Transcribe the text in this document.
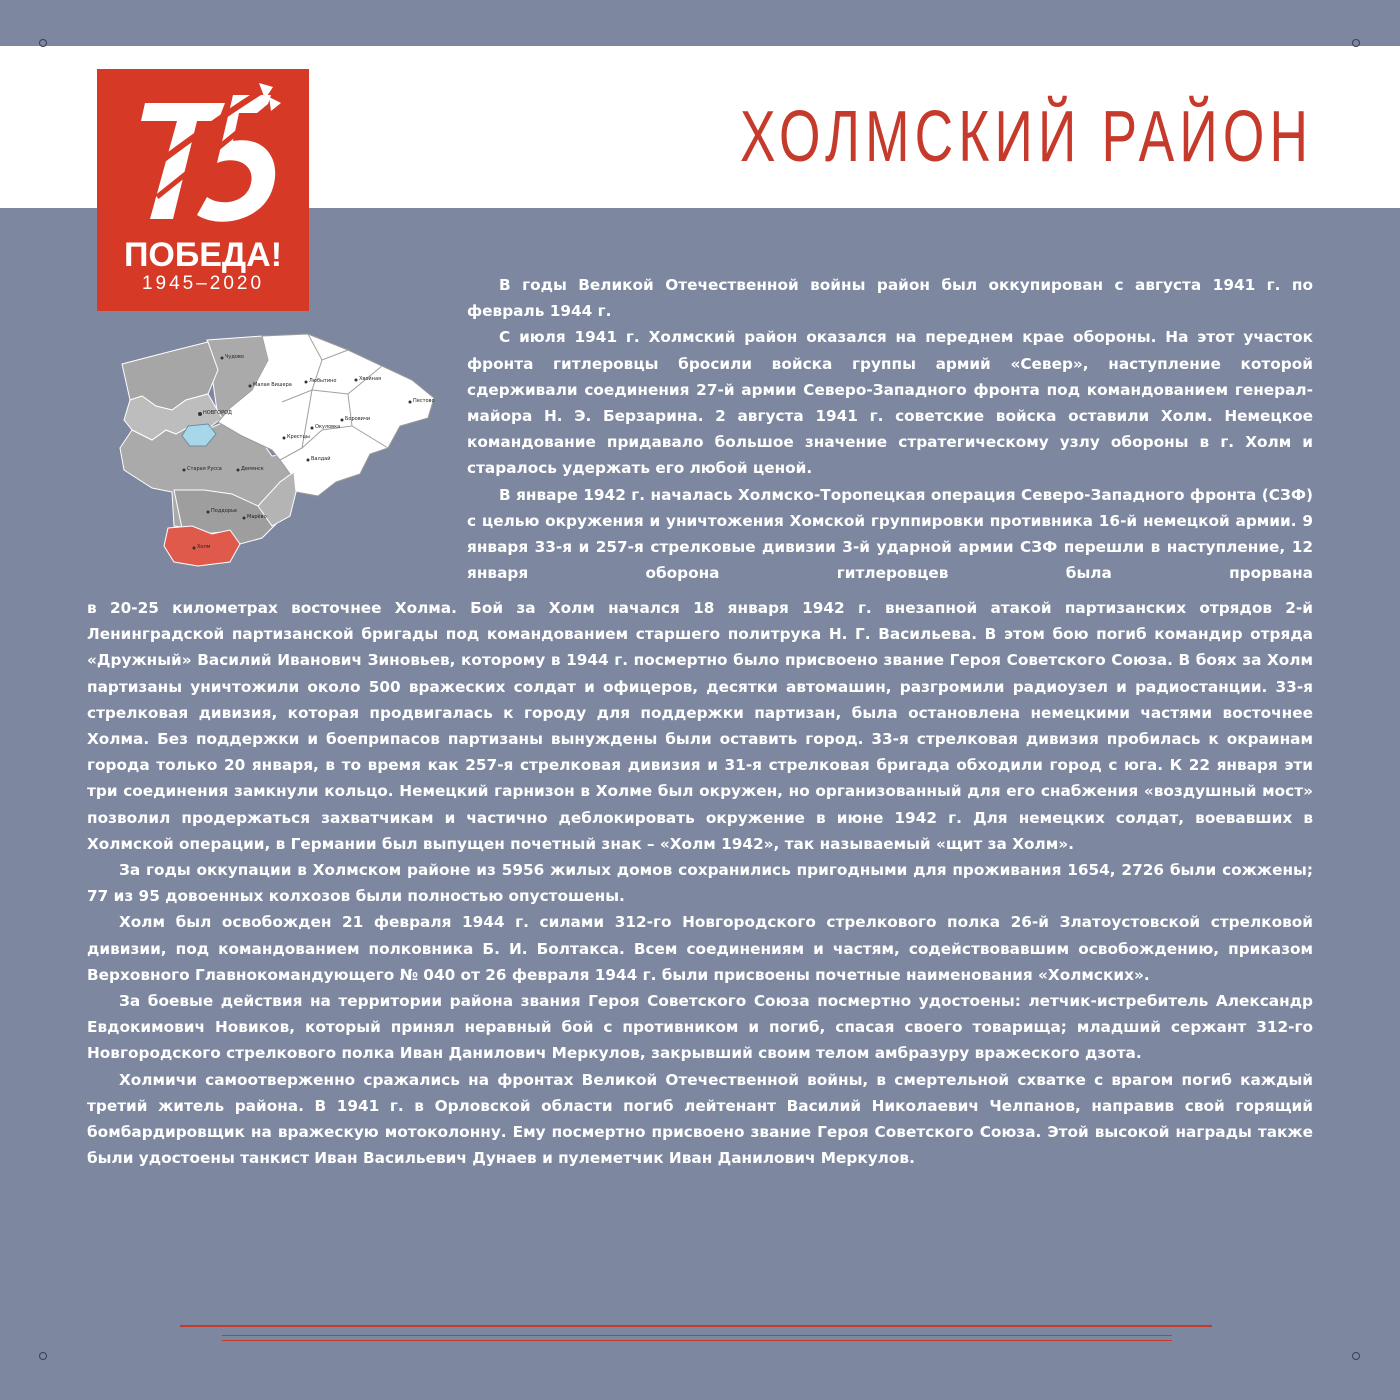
ХОЛМСКИЙ РАЙОН
ПОБЕДА!
1945–2020
Чудово
Малая Вишера
Любытино	Хвойная
Пестово
Боровичи
Окуловка
Валдай
Крестцы
НОВГОРОД
Старая Русса	Демянск
Поддорье
Холм
Марёво

В годы Великой Отечественной войны район был оккупирован с августа 1941 г. по февраль 1944 г.

С июля 1941 г. Холмский район оказался на переднем крае обороны. На этот участок фронта гитлеровцы бросили войска группы армий «Север», наступление которой сдерживали соединения 27-й армии Северо-Западного фронта под командованием генерал-майора Н. Э. Берзарина. 2 августа 1941 г. советские войска оставили Холм. Немецкое командование придавало большое значение стратегическому узлу обороны в г. Холм и старалось удержать его любой ценой.

В январе 1942 г. началась Холмско-Торопецкая операция Северо-Западного фронта (СЗФ) с целью окружения и уничтожения Хомской группировки противника 16-й немецкой армии. 9 января 33-я и 257-я стрелковые дивизии 3-й ударной армии СЗФ перешли в наступление, 12 января оборона гитлеровцев была прорвана

в 20-25 километрах восточнее Холма. Бой за Холм начался 18 января 1942 г. внезапной атакой партизанских отрядов 2-й Ленинградской партизанской бригады под командованием старшего политрука Н. Г. Васильева. В этом бою погиб командир отряда «Дружный» Василий Иванович Зиновьев, которому в 1944 г. посмертно было присвоено звание Героя Советского Союза. В боях за Холм партизаны уничтожили около 500 вражеских солдат и офицеров, десятки автомашин, разгромили радиоузел и радиостанции. 33-я стрелковая дивизия, которая продвигалась к городу для поддержки партизан, была остановлена немецкими частями восточнее Холма. Без поддержки и боеприпасов партизаны вынуждены были оставить город. 33-я стрелковая дивизия пробилась к окраинам города только 20 января, в то время как 257-я стрелковая дивизия и 31-я стрелковая бригада обходили город с юга. К 22 января эти три соединения замкнули кольцо. Немецкий гарнизон в Холме был окружен, но организованный для его снабжения «воздушный мост» позволил продержаться захватчикам и частично деблокировать окружение в июне 1942 г. Для немецких солдат, воевавших в Холмской операции, в Германии был выпущен почетный знак – «Холм 1942», так называемый «щит за Холм».

За годы оккупации в Холмском районе из 5956 жилых домов сохранились пригодными для проживания 1654, 2726 были сожжены; 77 из 95 довоенных колхозов были полностью опустошены.

Холм был освобожден 21 февраля 1944 г. силами 312-го Новгородского стрелкового полка 26-й Златоустовской стрелковой дивизии, под командованием полковника Б. И. Болтакса. Всем соединениям и частям, содействовавшим освобождению, приказом Верховного Главнокомандующего № 040 от 26 февраля 1944 г. были присвоены почетные наименования «Холмских».

За боевые действия на территории района звания Героя Советского Союза посмертно удостоены: летчик-истребитель Александр Евдокимович Новиков, который принял неравный бой с противником и погиб, спасая своего товарища; младший сержант 312-го Новгородского стрелкового полка Иван Данилович Меркулов, закрывший своим телом амбразуру вражеского дзота.

Холмичи самоотверженно сражались на фронтах Великой Отечественной войны, в смертельной схватке с врагом погиб каждый третий житель района. В 1941 г. в Орловской области погиб лейтенант Василий Николаевич Челпанов, направив свой горящий бомбардировщик на вражескую мотоколонну. Ему посмертно присвоено звание Героя Советского Союза. Этой высокой награды также были удостоены танкист Иван Васильевич Дунаев и пулеметчик Иван Данилович Меркулов.
